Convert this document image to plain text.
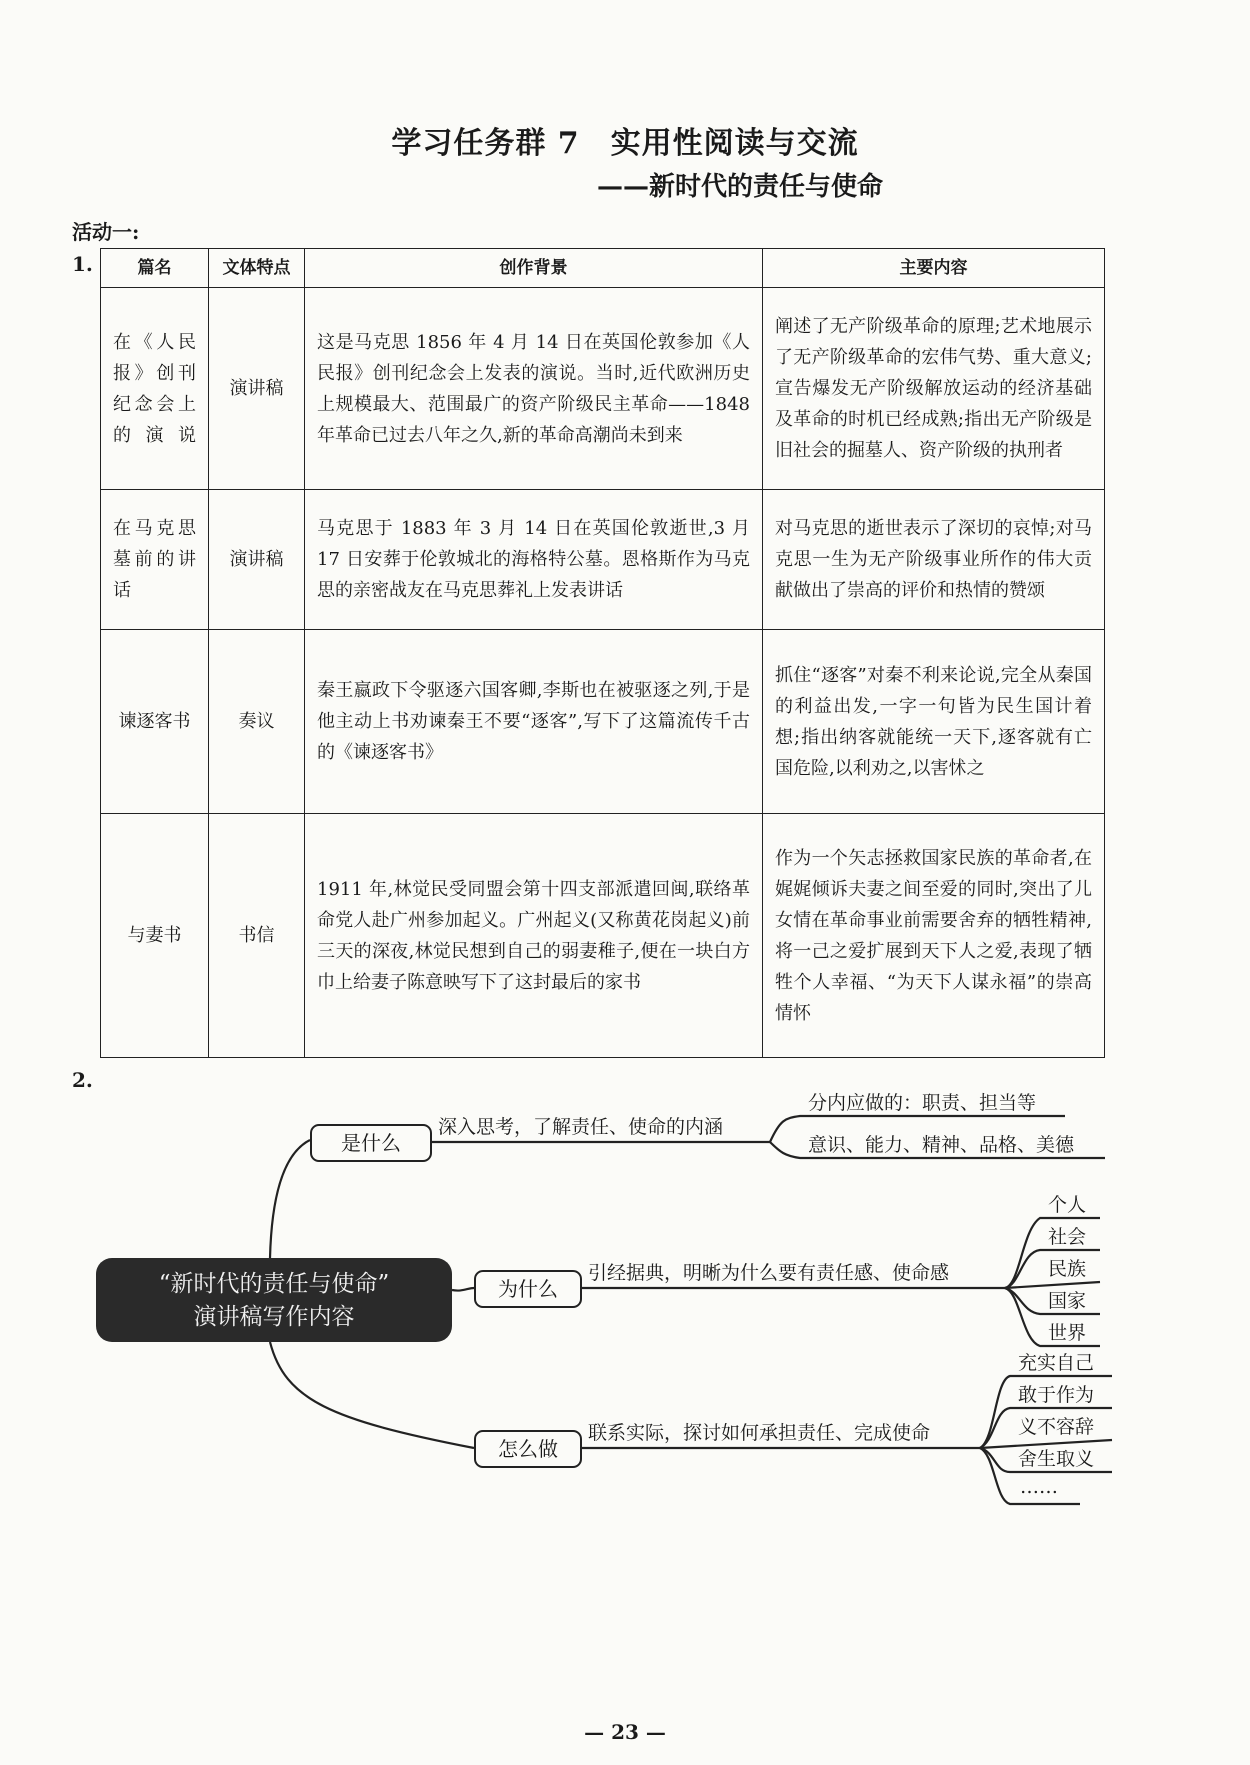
学习任务群 7　实用性阅读与交流
——新时代的责任与使命
活动一:
1.	篇名	文体特点	创作背景	主要内容
在《人民报》创刊纪念会上的演说	演讲稿	这是马克思 1856 年 4 月 14 日在英国伦敦参加《人民报》创刊纪念会上发表的演说。当时,近代欧洲历史上规模最大、范围最广的资产阶级民主革命——1848 年革命已过去八年之久,新的革命高潮尚未到来	阐述了无产阶级革命的原理;艺术地展示了无产阶级革命的宏伟气势、重大意义;宣告爆发无产阶级解放运动的经济基础及革命的时机已经成熟;指出无产阶级是旧社会的掘墓人、资产阶级的执刑者
在马克思墓前的讲话	演讲稿	马克思于 1883 年 3 月 14 日在英国伦敦逝世,3 月 17 日安葬于伦敦城北的海格特公墓。恩格斯作为马克思的亲密战友在马克思葬礼上发表讲话	对马克思的逝世表示了深切的哀悼;对马克思一生为无产阶级事业所作的伟大贡献做出了崇高的评价和热情的赞颂
谏逐客书	奏议	秦王嬴政下令驱逐六国客卿,李斯也在被驱逐之列,于是他主动上书劝谏秦王不要“逐客”,写下了这篇流传千古的《谏逐客书》	抓住“逐客”对秦不利来论说,完全从秦国的利益出发,一字一句皆为民生国计着想;指出纳客就能统一天下,逐客就有亡国危险,以利劝之,以害怵之
与妻书	书信	1911 年,林觉民受同盟会第十四支部派遣回闽,联络革命党人赴广州参加起义。广州起义(又称黄花岗起义)前三天的深夜,林觉民想到自己的弱妻稚子,便在一块白方巾上给妻子陈意映写下了这封最后的家书	作为一个矢志拯救国家民族的革命者,在娓娓倾诉夫妻之间至爱的同时,突出了儿女情在革命事业前需要舍弃的牺牲精神,将一己之爱扩展到天下人之爱,表现了牺牲个人幸福、“为天下人谋永福”的崇高情怀
2.
“新时代的责任与使命”
演讲稿写作内容
是什么
为什么
怎么做
深入思考，了解责任、使命的内涵
分内应做的：职责、担当等
意识、能力、精神、品格、美德
引经据典，明晰为什么要有责任感、使命感
个人
社会
民族
国家
世界
联系实际，探讨如何承担责任、完成使命
充实自己
敢于作为
义不容辞
舍生取义
……
— 23 —
